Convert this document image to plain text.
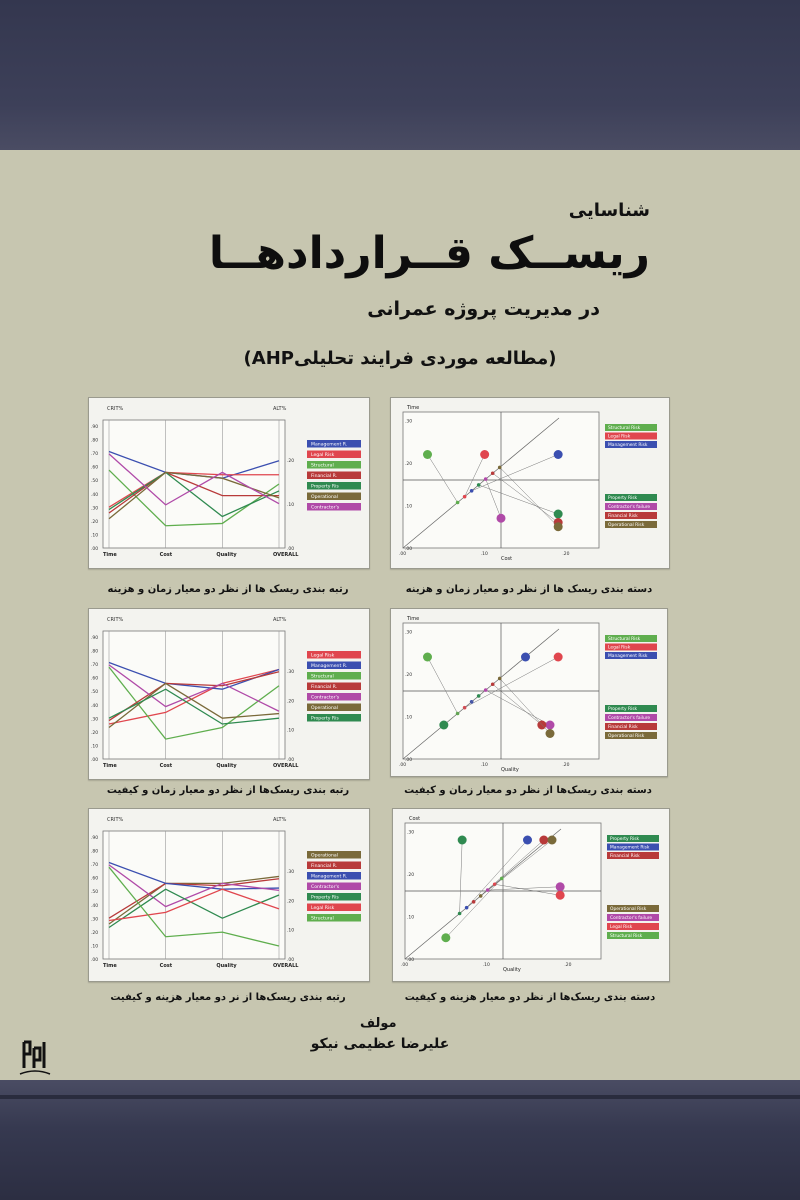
شناسایی
ریســک قــراردادهــا
در مدیریت پروژه عمرانی
(مطالعه موردی فرایند تحلیلیAHP)
CRIT%	ALT%
.90
.80
.70
.60
.50
.40
.30
.20
.10
.00
.20
.10
.00
Time	Cost	Quality	OVERALL
Management R.
Legal Risk
Structural
Financial R.
Property Ris
Operational
Contractor's
Time
Cost
.00	.10	.20
.30
.20
.10
.00
Structural Risk
Legal Risk
Management Risk
Property Risk
Contractor's failure
Financial Risk
Operational Risk
CRIT%	ALT%
.90
.80
.70
.60
.50
.40
.30
.20
.10
.00
.30
.20
.10
.00
Time	Cost	Quality	OVERALL
Legal Risk
Management R.
Structural
Financial R.
Contractor's
Operational
Property Ris
Time
Quality
.00	.10	.20
.30
.20
.10
.00
Structural Risk
Legal Risk
Management Risk
Property Risk
Contractor's failure
Financial Risk
Operational Risk
CRIT%	ALT%
.90
.80
.70
.60
.50
.40
.30
.20
.10
.00
.30
.20
.10
.00
Time	Cost	Quality	OVERALL
Operational
Financial R.
Management R.
Contractor's
Property Ris
Legal Risk
Structural
Cost
Quality
.00	.10	.20
.30
.20
.10
.00
Property Risk
Management Risk
Financial Risk
Operational Risk
Contractor's failure
Legal Risk
Structural Risk
رتبه بندی ریسک ها از نظر دو معیار زمان و هزینه	دسته بندی ریسک ها از نظر دو معیار زمان و هزینه
رتبه بندی ریسک‌ها از نظر دو معیار زمان و کیفیت	دسته بندی ریسک‌ها از نظر دو معیار زمان و کیفیت
رتبه بندی ریسک‌ها از نر دو معیار هزینه و کیفیت	دسته بندی ریسک‌ها از نظر دو معیار هزینه و کیفیت
مولف
علیرضا عظیمی نیکو
